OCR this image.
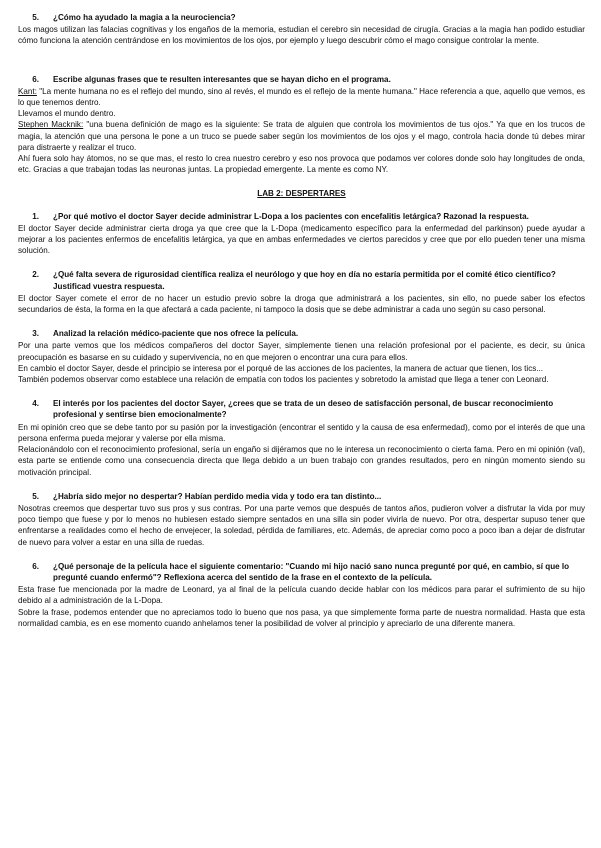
5.	¿Cómo ha ayudado la magia a la neurociencia?

Los magos utilizan las falacias cognitivas y los engaños de la memoria, estudian el cerebro sin necesidad de cirugía. Gracias a la magia han podido estudiar cómo funciona la atención centrándose en los movimientos de los ojos, por ejemplo y luego descubrir cómo el mago consigue controlar la mente.

6.	Escribe algunas frases que te resulten interesantes que se hayan dicho en el programa.

Kant: "La mente humana no es el reflejo del mundo, sino al revés, el mundo es el reflejo de la mente humana." Hace referencia a que, aquello que vemos, es lo que tenemos dentro.

Llevamos el mundo dentro.

Stephen Macknik: "una buena definición de mago es la siguiente: Se trata de alguien que controla los movimientos de tus ojos." Ya que en los trucos de magia, la atención que una persona le pone a un truco se puede saber según los movimientos de los ojos y el mago, controla hacia donde tú debes mirar para distraerte y realizar el truco.

Ahí fuera solo hay átomos, no se que mas, el resto lo crea nuestro cerebro y eso nos provoca que podamos ver colores donde solo hay longitudes de onda, etc. Gracias a que trabajan todas las neuronas juntas. La propiedad emergente. La mente es como NY.

LAB 2: DESPERTARES

1.	¿Por qué motivo el doctor Sayer decide administrar L-Dopa a los pacientes con encefalitis letárgica? Razonad la respuesta.

El doctor Sayer decide administrar cierta droga ya que cree que la L-Dopa (medicamento específico para la enfermedad del parkinson) puede ayudar a mejorar a los pacientes enfermos de encefalitis letárgica, ya que en ambas enfermedades ve ciertos parecidos y cree que por ello pueden tener una misma solución.

2.	¿Qué falta severa de rigurosidad científica realiza el neurólogo y que hoy en día no estaría permitida por el comité ético científico? Justificad vuestra respuesta.

El doctor Sayer comete el error de no hacer un estudio previo sobre la droga que administrará a los pacientes, sin ello, no puede saber los efectos secundarios de ésta, la forma en la que afectará a cada paciente, ni tampoco la dosis que se debe administrar a cada uno según su caso personal.

3.	Analizad la relación médico-paciente que nos ofrece la película.

Por una parte vemos que los médicos compañeros del doctor Sayer, simplemente tienen una relación profesional por el paciente, es decir, su única preocupación es basarse en su cuidado y supervivencia, no en que mejoren o encontrar una cura para ellos.

En cambio el doctor Sayer, desde el principio se interesa por el porqué de las acciones de los pacientes, la manera de actuar que tienen, los tics...

También podemos observar como establece una relación de empatía con todos los pacientes y sobretodo la amistad que llega a tener con Leonard.

4.	El interés por los pacientes del doctor Sayer, ¿crees que se trata de un deseo de satisfacción personal, de buscar reconocimiento profesional y sentirse bien emocionalmente?

En mi opinión creo que se debe tanto por su pasión por la investigación (encontrar el sentido y la causa de esa enfermedad), como por el interés de que una persona enferma pueda mejorar y valerse por ella misma.

Relacionándolo con el reconocimiento profesional, sería un engaño si dijéramos que no le interesa un reconocimiento o cierta fama. Pero en mi opinión (val), esta parte se entiende como una consecuencia directa que llega debido a un buen trabajo con grandes resultados, pero en ningún momento siendo su motivación principal.

5.	¿Habría sido mejor no despertar? Habían perdido media vida y todo era tan distinto...

Nosotras creemos que despertar tuvo sus pros y sus contras. Por una parte vemos que después de tantos años, pudieron volver a disfrutar la vida por muy poco tiempo que fuese y por lo menos no hubiesen estado siempre sentados en una silla sin poder vivirla de nuevo. Por otra, despertar supuso tener que enfrentarse a realidades como el hecho de envejecer, la soledad, pérdida de familiares, etc. Además, de apreciar como poco a poco iban a dejar de disfrutar de nuevo para volver a estar en una silla de ruedas.

6.	¿Qué personaje de la película hace el siguiente comentario: "Cuando mi hijo nació sano nunca pregunté por qué, en cambio, sí que lo pregunté cuando enfermó"? Reflexiona acerca del sentido de la frase en el contexto de la película.

Esta frase fue mencionada por la madre de Leonard, ya al final de la película cuando decide hablar con los médicos para parar el sufrimiento de su hijo debido al a administración de la L-Dopa.

Sobre la frase, podemos entender que no apreciamos todo lo bueno que nos pasa, ya que simplemente forma parte de nuestra normalidad. Hasta que esta normalidad cambia, es en ese momento cuando anhelamos tener la posibilidad de volver al principio y apreciarlo de una diferente manera.
